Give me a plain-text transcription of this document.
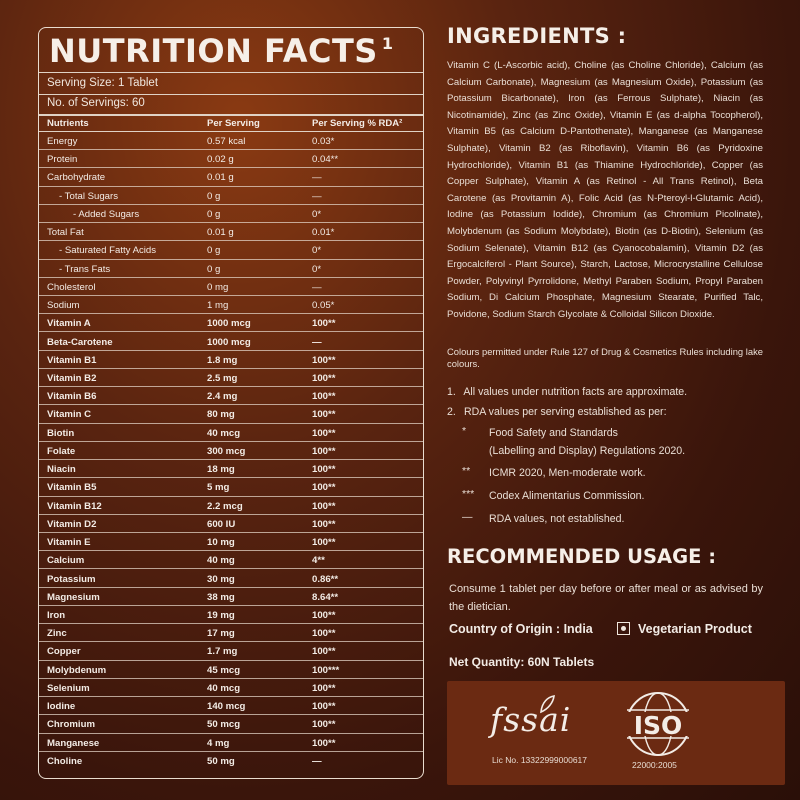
NUTRITION FACTS $^1$
Serving Size: 1 Tablet
No. of Servings: 60
Nutrients	Per Serving	Per Serving % RDA²
Energy	0.57 kcal	0.03*
Protein	0.02 g	0.04**
Carbohydrate	0.01 g	—
- Total Sugars	0 g	—
- Added Sugars	0 g	0*
Total Fat	0.01 g	0.01*
- Saturated Fatty Acids	0 g	0*
- Trans Fats	0 g	0*
Cholesterol	0 mg	—
Sodium	1 mg	0.05*
Vitamin A	1000 mcg	100**
Beta-Carotene	1000 mcg	—
Vitamin B1	1.8 mg	100**
Vitamin B2	2.5 mg	100**
Vitamin B6	2.4 mg	100**
Vitamin C	80 mg	100**
Biotin	40 mcg	100**
Folate	300 mcg	100**
Niacin	18 mg	100**
Vitamin B5	5 mg	100**
Vitamin B12	2.2 mcg	100**
Vitamin D2	600 IU	100**
Vitamin E	10 mg	100**
Calcium	40 mg	4**
Potassium	30 mg	0.86**
Magnesium	38 mg	8.64**
Iron	19 mg	100**
Zinc	17 mg	100**
Copper	1.7 mg	100**
Molybdenum	45 mcg	100***
Selenium	40 mcg	100**
Iodine	140 mcg	100**
Chromium	50 mcg	100**
Manganese	4 mg	100**
Choline	50 mg	—
INGREDIENTS :
Vitamin C (L-Ascorbic acid), Choline (as Choline Chloride), Calcium (as Calcium Carbonate), Magnesium (as Magnesium Oxide), Potassium (as Potassium Bicarbonate), Iron (as Ferrous Sulphate), Niacin (as Nicotinamide), Zinc (as Zinc Oxide), Vitamin E (as d-alpha Tocopherol), Vitamin B5 (as Calcium D-Pantothenate), Manganese (as Manganese Sulphate), Vitamin B2 (as Riboflavin), Vitamin B6 (as Pyridoxine Hydrochloride), Vitamin B1 (as Thiamine Hydrochloride), Copper (as Copper Sulphate), Vitamin A (as Retinol - All Trans Retinol), Beta Carotene (as Provitamin A), Folic Acid (as N-Pteroyl-l-Glutamic Acid), Iodine (as Potassium Iodide), Chromium (as Chromium Picolinate), Molybdenum (as Sodium Molybdate), Biotin (as D-Biotin), Selenium (as Sodium Selenate), Vitamin B12 (as Cyanocobalamin), Vitamin D2 (as Ergocalciferol - Plant Source), Starch, Lactose, Microcrystalline Cellulose Powder, Polyvinyl Pyrrolidone, Methyl Paraben Sodium, Propyl Paraben Sodium, Di Calcium Phosphate, Magnesium Stearate, Purified Talc, Povidone, Sodium Starch Glycolate & Colloidal Silicon Dioxide.
Colours permitted under Rule 127 of Drug & Cosmetics Rules including lake colours.
1. All values under nutrition facts are approximate.
2. RDA values per serving established as per:
* Food Safety and Standards
(Labelling and Display) Regulations 2020.
** ICMR 2020, Men-moderate work.
*** Codex Alimentarius Commission.
— RDA values, not established.
RECOMMENDED USAGE :
Consume 1 tablet per day before or after meal or as advised by the dietician.
Country of Origin : India	Vegetarian Product
Net Quantity: 60N Tablets
fssai
Lic No. 13322999000617
ISO
22000:2005
